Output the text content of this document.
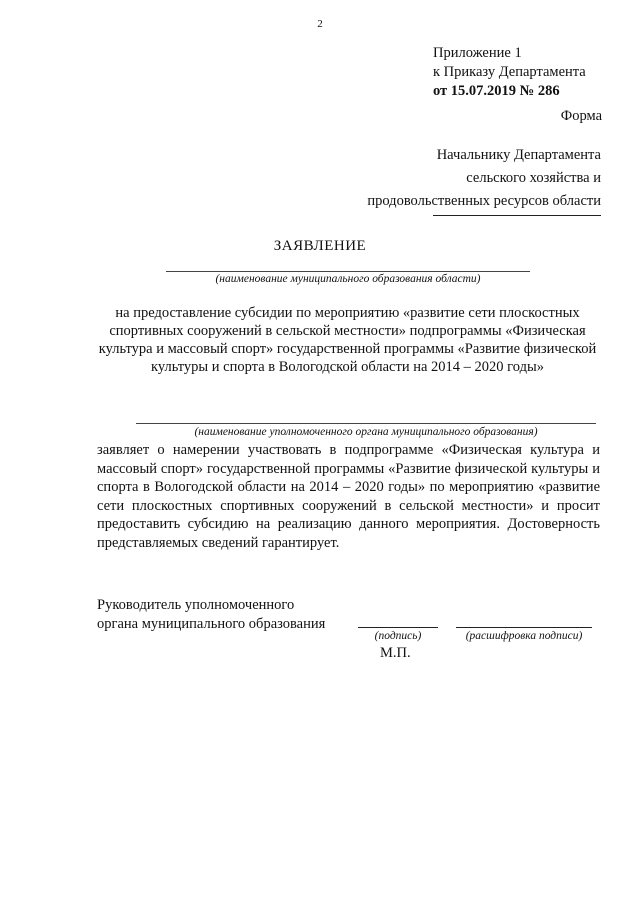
2
Приложение 1
к Приказу Департамента
от 15.07.2019 № 286
Форма
Начальнику Департамента
сельского хозяйства и
продовольственных ресурсов области
ЗАЯВЛЕНИЕ
(наименование муниципального образования области)
на предоставление субсидии по мероприятию «развитие сети плоскостных спортивных сооружений в сельской местности» подпрограммы «Физическая культура и массовый спорт» государственной программы «Развитие физической культуры и спорта в Вологодской области на 2014 – 2020 годы»
(наименование уполномоченного органа муниципального образования)
заявляет о намерении участвовать в подпрограмме «Физическая культура и массовый спорт» государственной программы «Развитие физической культуры и спорта в Вологодской области на 2014 – 2020 годы» по мероприятию «развитие сети плоскостных спортивных сооружений в сельской местности» и просит предоставить субсидию на реализацию данного мероприятия. Достоверность представляемых сведений гарантирует.
Руководитель уполномоченного
органа муниципального образования
(подпись)	(расшифровка подписи)
М.П.
